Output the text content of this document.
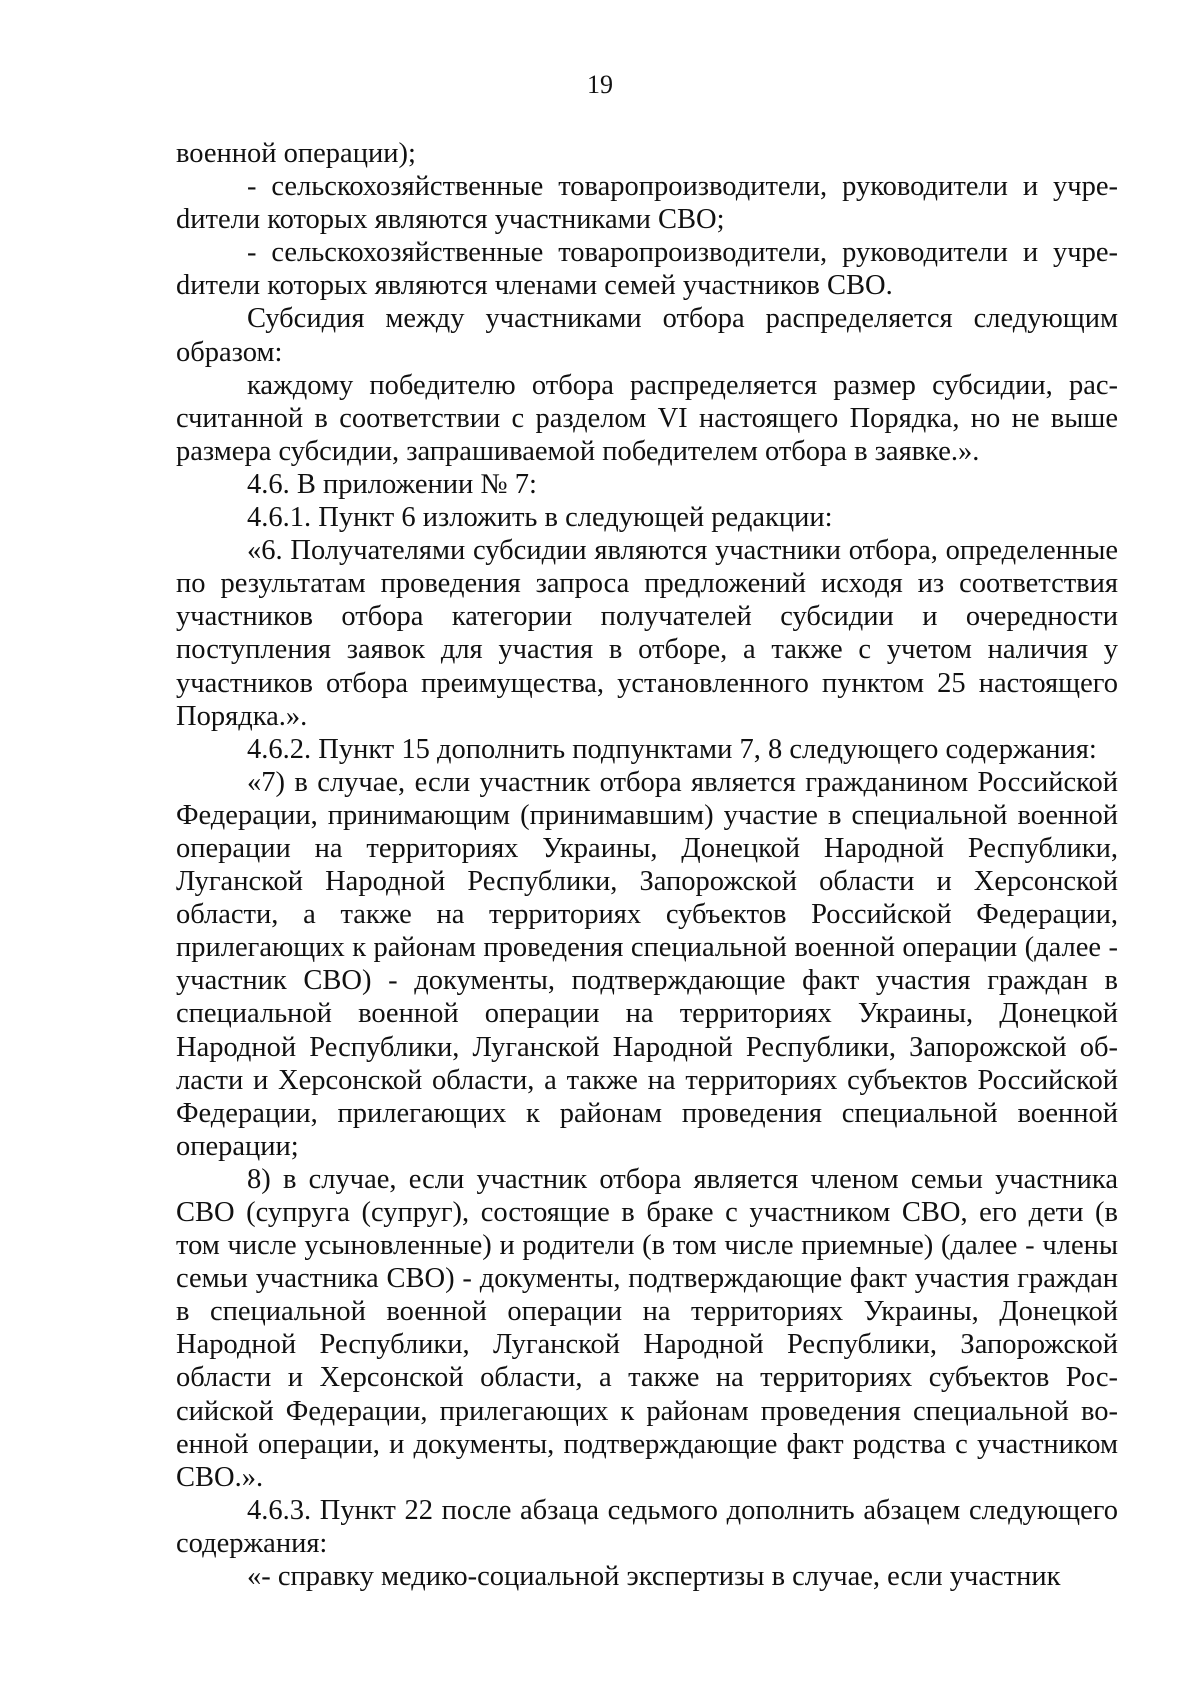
19

военной операции);

- сельскохозяйственные товаропроизводители, руководители и учреdители которых являются участниками СВО;

- сельскохозяйственные товаропроизводители, руководители и учреdители которых являются членами семей участников СВО.

Субсидия между участниками отбора распределяется следующим образом:

каждому победителю отбора распределяется размер субсидии, рассчитанной в соответствии с разделом VI настоящего Порядка, но не выше размера субсидии, запрашиваемой победителем отбора в заявке.».

4.6. В приложении № 7:

4.6.1. Пункт 6 изложить в следующей редакции:

«6. Получателями субсидии являются участники отбора, определенные по результатам проведения запроса предложений исходя из соответствия участников отбора категории получателей субсидии и очередности поступления заявок для участия в отборе, а также с учетом наличия у участников отбора преимущества, установленного пунктом 25 настоящего Порядка.».

4.6.2. Пункт 15 дополнить подпунктами 7, 8 следующего содержания:

«7) в случае, если участник отбора является гражданином Российской Федерации, принимающим (принимавшим) участие в специальной военной операции на территориях Украины, Донецкой Народной Республики, Луганской Народной Республики, Запорожской области и Херсонской области, а также на территориях субъектов Российской Федерации, прилегающих к районам проведения специальной военной операции (далее - участник СВО) - документы, подтверждающие факт участия граждан в специальной военной операции на территориях Украины, Донецкой Народной Республики, Луганской Народной Республики, Запорожской области и Херсонской области, а также на территориях субъектов Российской Федерации, прилегающих к районам проведения специальной военной операции;

8) в случае, если участник отбора является членом семьи участника СВО (супруга (супруг), состоящие в браке с участником СВО, его дети (в том числе усыновленные) и родители (в том числе приемные) (далее - члены семьи участника СВО) - документы, подтверждающие факт участия граждан в специальной военной операции на территориях Украины, Донецкой Народной Республики, Луганской Народной Республики, Запорожской области и Херсонской области, а также на территориях субъектов Российской Федерации, прилегающих к районам проведения специальной военной операции, и документы, подтверждающие факт родства с участником СВО.».

4.6.3. Пункт 22 после абзаца седьмого дополнить абзацем следующего содержания:

«- справку медико-социальной экспертизы в случае, если участник
